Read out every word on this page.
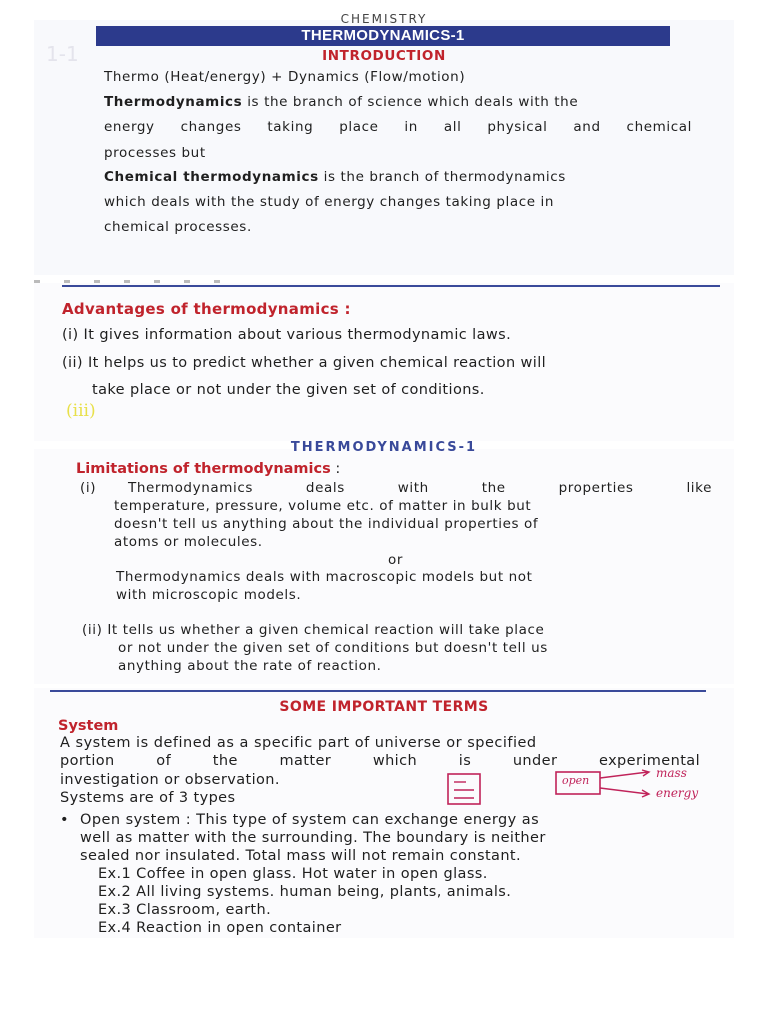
CHEMISTRY
THERMODYNAMICS-1
1-1	INTRODUCTION
Thermo (Heat/energy) + Dynamics (Flow/motion)
Thermodynamics is the branch of science which deals with the
energy changes taking place in all physical and chemical
processes but
Chemical thermodynamics is the branch of thermodynamics
which deals with the study of energy changes taking place in
chemical processes.
Advantages of thermodynamics :
(i) It gives information about various thermodynamic laws.
(ii) It helps us to predict whether a given chemical reaction will
take place or not under the given set of conditions.
(iii)
THERMODYNAMICS-1
Limitations of thermodynamics :
(i) Thermodynamics deals with the properties like
temperature, pressure, volume etc. of matter in bulk but
doesn't tell us anything about the individual properties of
atoms or molecules.
or
Thermodynamics deals with macroscopic models but not
with microscopic models.
(ii) It tells us whether a given chemical reaction will take place
or not under the given set of conditions but doesn't tell us
anything about the rate of reaction.
SOME IMPORTANT TERMS
System
A system is defined as a specific part of universe or specified
portion of the matter which is under experimental
investigation or observation.
Systems are of 3 types
open
mass
energy
• Open system : This type of system can exchange energy as
well as matter with the surrounding. The boundary is neither
sealed nor insulated. Total mass will not remain constant.
Ex.1 Coffee in open glass. Hot water in open glass.
Ex.2 All living systems. human being, plants, animals.
Ex.3 Classroom, earth.
Ex.4 Reaction in open container
